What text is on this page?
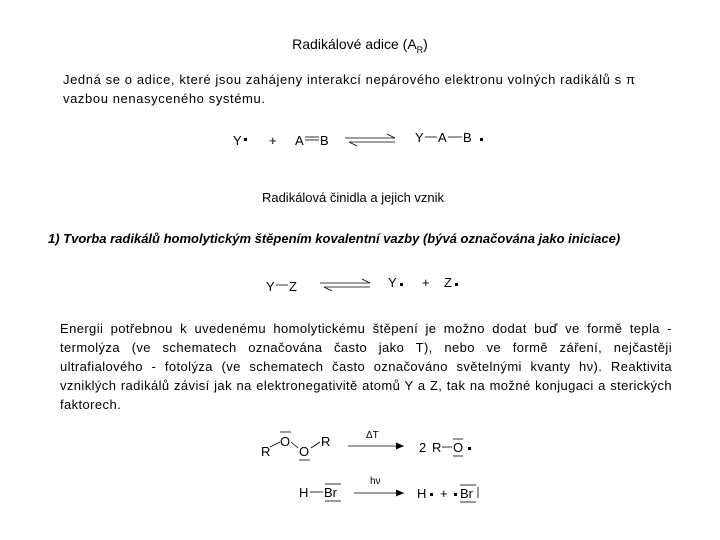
Radikálové adice $(A_R)$
Jedná se o adice, které jsou zahájeny interakcí nepárového elektronu volných radikálů s π
vazbou nenasyceného systému.
Y + A B	Y A B
Radikálová činidla a jejich vznik
1) Tvorba radikálů homolytickým štěpením kovalentní vazby (bývá označována jako iniciace)
Y Z	Y + Z
Energii potřebnou k uvedenému homolytickému štěpení je možno dodat buď ve formě tepla - termolýza (ve schematech označována často jako T), nebo ve formě záření, nejčastěji ultrafialového - fotolýza (ve schematech často označováno světelnými kvanty hν). Reaktivita vzniklých radikálů závisí jak na elektronegativitě atomů Y a Z, tak na možné konjugaci a sterických faktorech.
R
O
O
R	ΔT
2 R O
H Br
hν
H + Br
